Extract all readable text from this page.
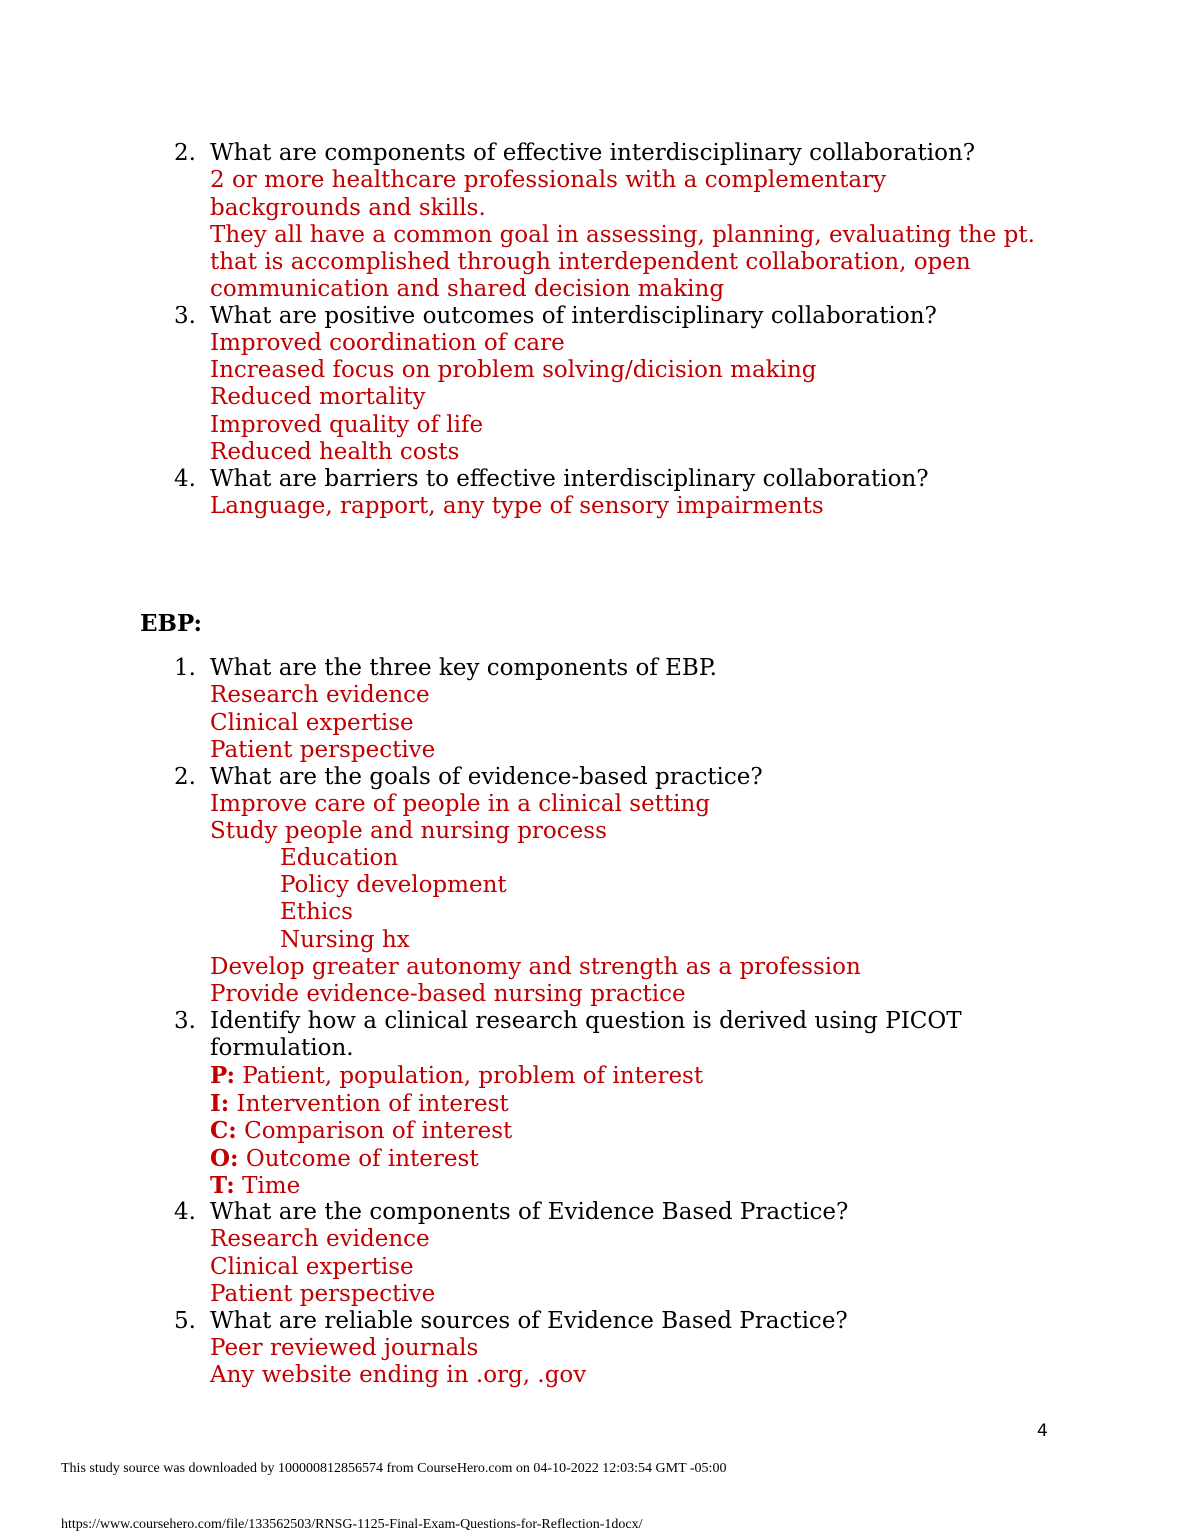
2. What are components of effective interdisciplinary collaboration?
2 or more healthcare professionals with a complementary
backgrounds and skills.
They all have a common goal in assessing, planning, evaluating the pt.
that is accomplished through interdependent collaboration, open
communication and shared decision making
3. What are positive outcomes of interdisciplinary collaboration?
Improved coordination of care
Increased focus on problem solving/dicision making
Reduced mortality
Improved quality of life
Reduced health costs
4. What are barriers to effective interdisciplinary collaboration?
Language, rapport, any type of sensory impairments
EBP:
1. What are the three key components of EBP.
Research evidence
Clinical expertise
Patient perspective
2. What are the goals of evidence-based practice?
Improve care of people in a clinical setting
Study people and nursing process
Education
Policy development
Ethics
Nursing hx
Develop greater autonomy and strength as a profession
Provide evidence-based nursing practice
3. Identify how a clinical research question is derived using PICOT
formulation.
P: Patient, population, problem of interest
I: Intervention of interest
C: Comparison of interest
O: Outcome of interest
T: Time
4. What are the components of Evidence Based Practice?
Research evidence
Clinical expertise
Patient perspective
5. What are reliable sources of Evidence Based Practice?
Peer reviewed journals
Any website ending in .org, .gov
4
This study source was downloaded by 100000812856574 from CourseHero.com on 04-10-2022 12:03:54 GMT -05:00
https://www.coursehero.com/file/133562503/RNSG-1125-Final-Exam-Questions-for-Reflection-1docx/
